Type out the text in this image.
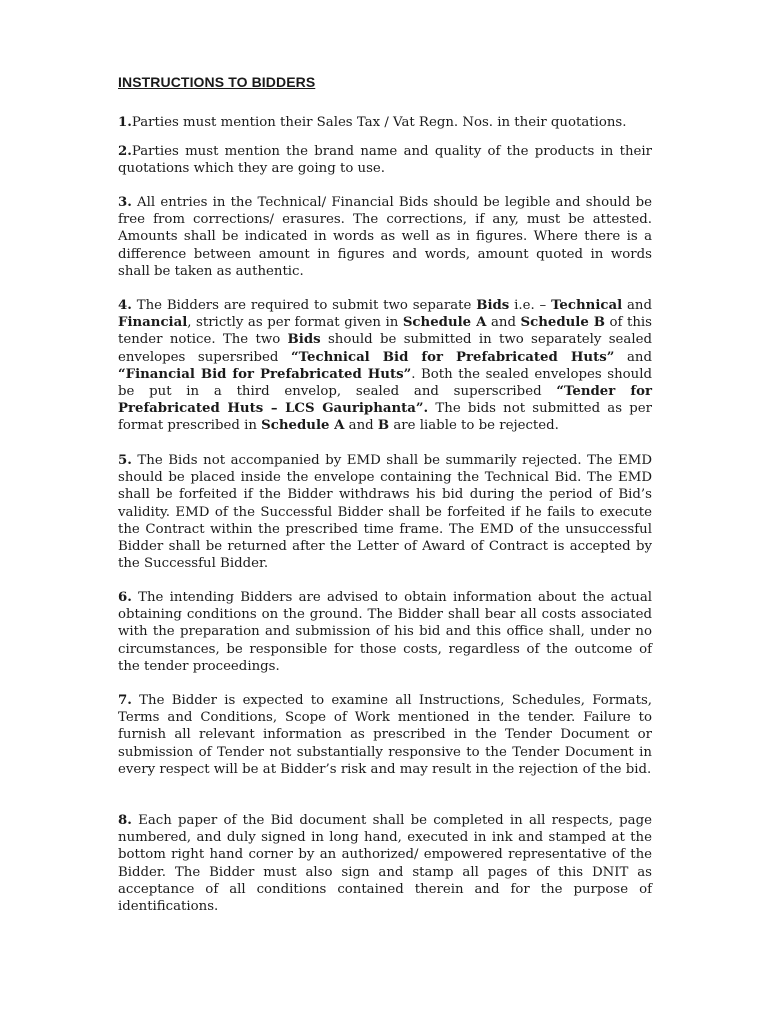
INSTRUCTIONS TO BIDDERS

1.Parties must mention their Sales Tax / Vat Regn. Nos. in their quotations.

2.Parties must mention the brand name and quality of the products in their quotations which they are going to use.

3. All entries in the Technical/ Financial Bids should be legible and should be free from corrections/ erasures. The corrections, if any, must be attested. Amounts shall be indicated in words as well as in figures. Where there is a difference between amount in figures and words, amount quoted in words shall be taken as authentic.

4. The Bidders are required to submit two separate Bids i.e. – Technical and Financial, strictly as per format given in Schedule A and Schedule B of this tender notice. The two Bids should be submitted in two separately sealed envelopes supersribed “Technical Bid for Prefabricated Huts” and “Financial Bid for Prefabricated Huts”. Both the sealed envelopes should be put in a third envelop, sealed and superscribed “Tender for Prefabricated Huts – LCS Gauriphanta”. The bids not submitted as per format prescribed in Schedule A and B are liable to be rejected.

5. The Bids not accompanied by EMD shall be summarily rejected. The EMD should be placed inside the envelope containing the Technical Bid. The EMD shall be forfeited if the Bidder withdraws his bid during the period of Bid’s validity. EMD of the Successful Bidder shall be forfeited if he fails to execute the Contract within the prescribed time frame. The EMD of the unsuccessful Bidder shall be returned after the Letter of Award of Contract is accepted by the Successful Bidder.

6. The intending Bidders are advised to obtain information about the actual obtaining conditions on the ground. The Bidder shall bear all costs associated with the preparation and submission of his bid and this office shall, under no circumstances, be responsible for those costs, regardless of the outcome of the tender proceedings.

7. The Bidder is expected to examine all Instructions, Schedules, Formats, Terms and Conditions, Scope of Work mentioned in the tender. Failure to furnish all relevant information as prescribed in the Tender Document or submission of Tender not substantially responsive to the Tender Document in every respect will be at Bidder’s risk and may result in the rejection of the bid.

8. Each paper of the Bid document shall be completed in all respects, page numbered, and duly signed in long hand, executed in ink and stamped at the bottom right hand corner by an authorized/ empowered representative of the Bidder. The Bidder must also sign and stamp all pages of this DNIT as acceptance of all conditions contained therein and for the purpose of identifications.
